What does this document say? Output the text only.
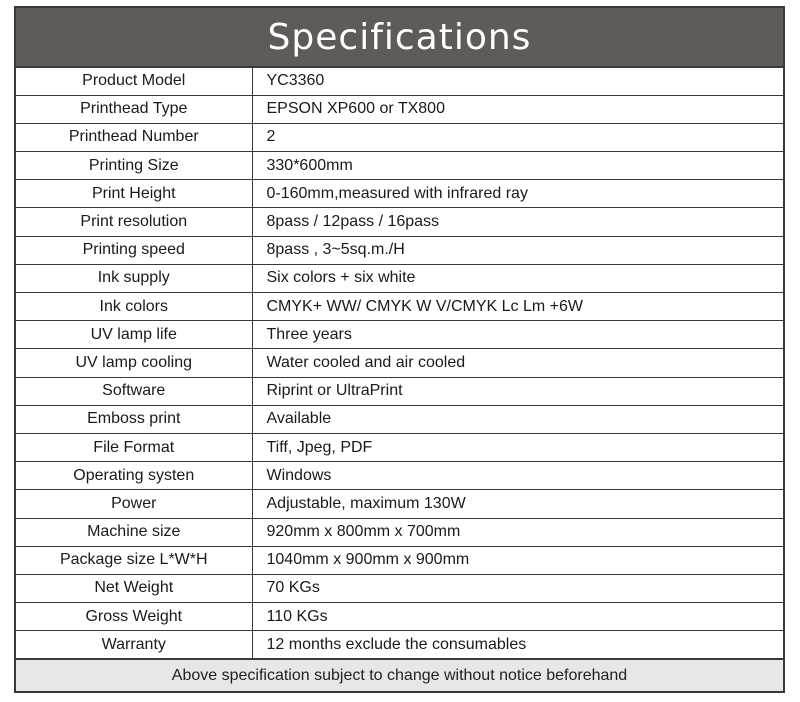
Specifications
Product Model	YC3360
Printhead Type	EPSON XP600 or TX800
Printhead Number	2
Printing Size	330*600mm
Print Height	0-160mm,measured with infrared ray
Print resolution	8pass / 12pass / 16pass
Printing speed	8pass , 3~5sq.m./H
Ink supply	Six colors + six white
Ink colors	CMYK+ WW/ CMYK W V/CMYK Lc Lm +6W
UV lamp life	Three years
UV lamp cooling	Water cooled and air cooled
Software	Riprint or UltraPrint
Emboss print	Available
File Format	Tiff, Jpeg, PDF
Operating systen	Windows
Power	Adjustable, maximum 130W
Machine size	920mm x 800mm x 700mm
Package size L*W*H	1040mm x 900mm x 900mm
Net Weight	70 KGs
Gross Weight	110 KGs
Warranty	12 months exclude the consumables
Above specification subject to change without notice beforehand
